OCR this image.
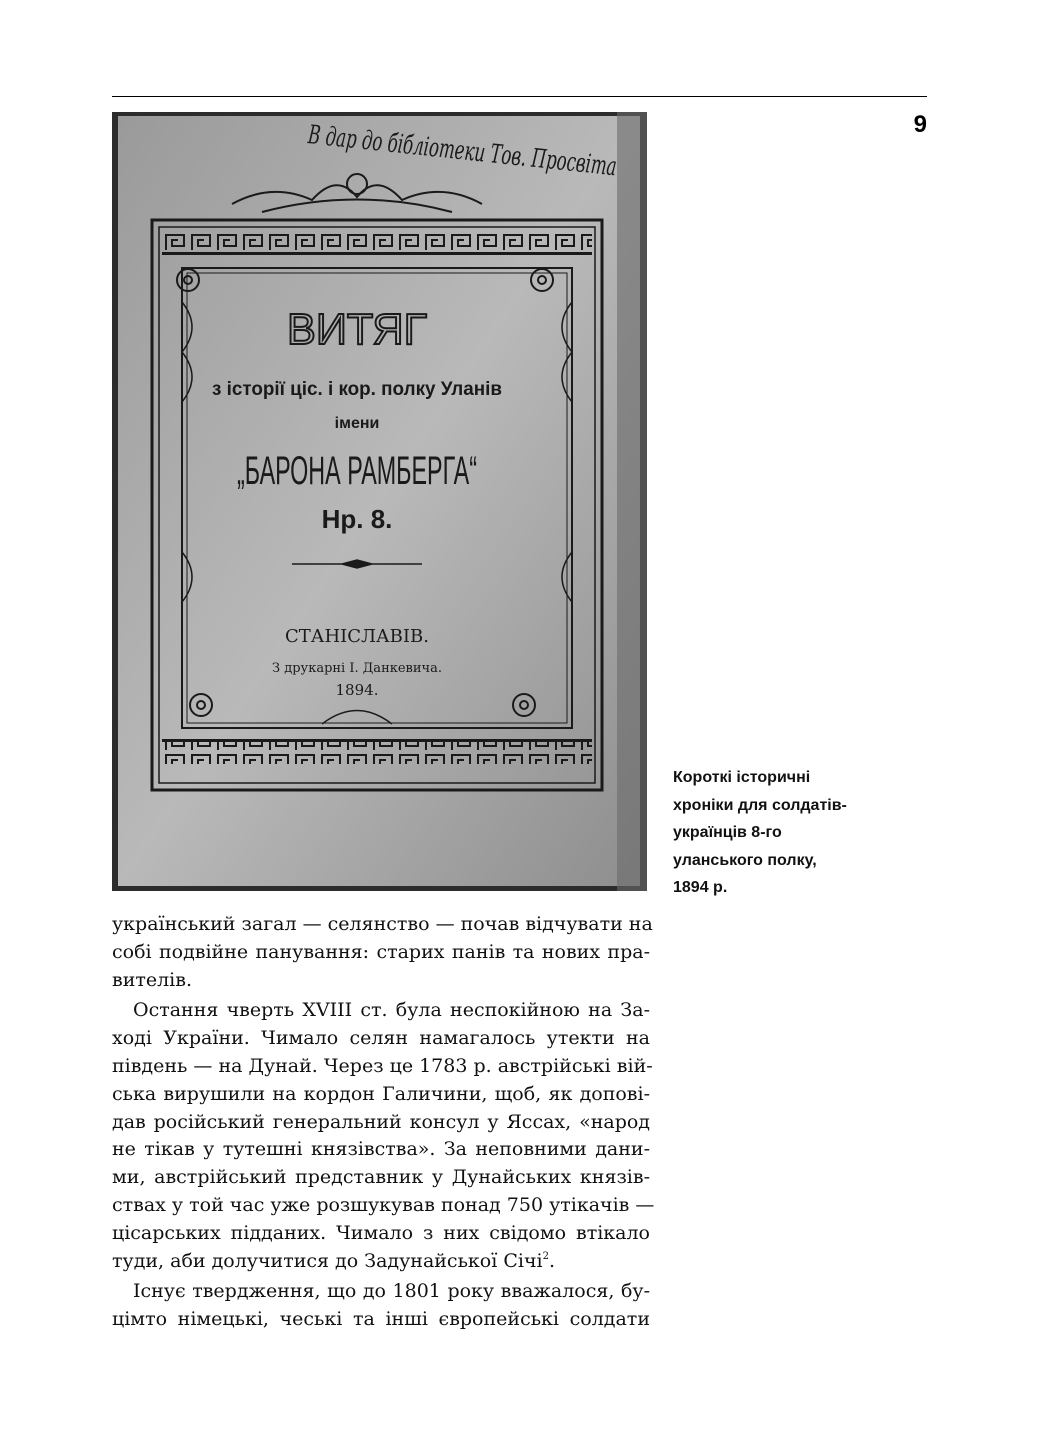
9
В дар до бібліотеки Тов. Просвіта
ВИТЯГ
з історії ціс. і кор. полку Уланів
імени
„БАРОНА РАМБЕРГА“
Нр. 8.
СТАНІСЛАВІВ.
З друкарні І. Данкевича.
1894.
Короткі історичні
хроніки для солдатів-
українців 8-го
уланського полку,
1894 р.
український загал — селянство — почав відчувати на
собі подвійне панування: старих панів та нових пра-
вителів.
Остання чверть XVIII ст. була неспокійною на За-
ході України. Чимало селян намагалось утекти на
південь — на Дунай. Через це 1783 р. австрійські вій-
ська вирушили на кордон Галичини, щоб, як допові-
дав російський генеральний консул у Яссах, «народ
не тікав у тутешні князівства». За неповними дани-
ми, австрійський представник у Дунайських князів-
ствах у той час уже розшукував понад 750 утікачів —
цісарських підданих. Чимало з них свідомо втікало
туди, аби долучитися до Задунайської Січі$^2$.
Існує твердження, що до 1801 року вважалося, бу-
цімто німецькі, чеські та інші європейські солдати
